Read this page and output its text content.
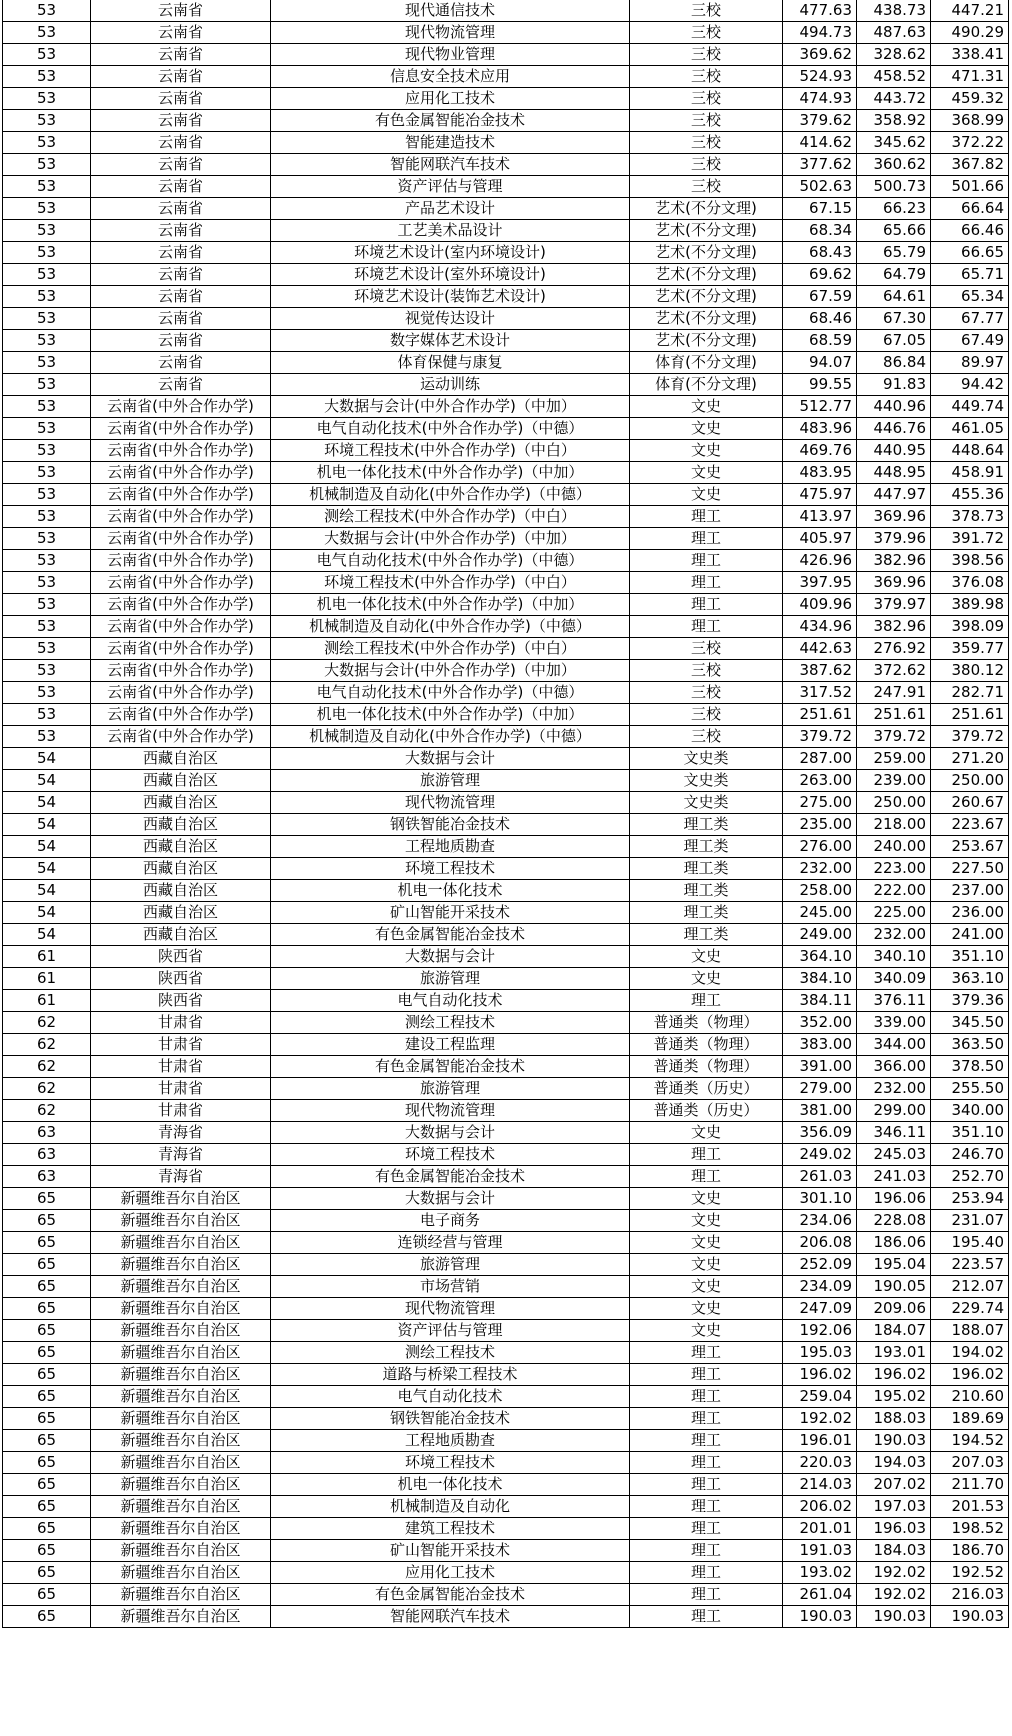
53	云南省	现代通信技术	三校	477.63	438.73	447.21
53	云南省	现代物流管理	三校	494.73	487.63	490.29
53	云南省	现代物业管理	三校	369.62	328.62	338.41
53	云南省	信息安全技术应用	三校	524.93	458.52	471.31
53	云南省	应用化工技术	三校	474.93	443.72	459.32
53	云南省	有色金属智能冶金技术	三校	379.62	358.92	368.99
53	云南省	智能建造技术	三校	414.62	345.62	372.22
53	云南省	智能网联汽车技术	三校	377.62	360.62	367.82
53	云南省	资产评估与管理	三校	502.63	500.73	501.66
53	云南省	产品艺术设计	艺术(不分文理)	67.15	66.23	66.64
53	云南省	工艺美术品设计	艺术(不分文理)	68.34	65.66	66.46
53	云南省	环境艺术设计(室内环境设计)	艺术(不分文理)	68.43	65.79	66.65
53	云南省	环境艺术设计(室外环境设计)	艺术(不分文理)	69.62	64.79	65.71
53	云南省	环境艺术设计(装饰艺术设计)	艺术(不分文理)	67.59	64.61	65.34
53	云南省	视觉传达设计	艺术(不分文理)	68.46	67.30	67.77
53	云南省	数字媒体艺术设计	艺术(不分文理)	68.59	67.05	67.49
53	云南省	体育保健与康复	体育(不分文理)	94.07	86.84	89.97
53	云南省	运动训练	体育(不分文理)	99.55	91.83	94.42
53	云南省(中外合作办学)	大数据与会计(中外合作办学)（中加）	文史	512.77	440.96	449.74
53	云南省(中外合作办学)	电气自动化技术(中外合作办学)（中德）	文史	483.96	446.76	461.05
53	云南省(中外合作办学)	环境工程技术(中外合作办学)（中白）	文史	469.76	440.95	448.64
53	云南省(中外合作办学)	机电一体化技术(中外合作办学)（中加）	文史	483.95	448.95	458.91
53	云南省(中外合作办学)	机械制造及自动化(中外合作办学)（中德）	文史	475.97	447.97	455.36
53	云南省(中外合作办学)	测绘工程技术(中外合作办学)（中白）	理工	413.97	369.96	378.73
53	云南省(中外合作办学)	大数据与会计(中外合作办学)（中加）	理工	405.97	379.96	391.72
53	云南省(中外合作办学)	电气自动化技术(中外合作办学)（中德）	理工	426.96	382.96	398.56
53	云南省(中外合作办学)	环境工程技术(中外合作办学)（中白）	理工	397.95	369.96	376.08
53	云南省(中外合作办学)	机电一体化技术(中外合作办学)（中加）	理工	409.96	379.97	389.98
53	云南省(中外合作办学)	机械制造及自动化(中外合作办学)（中德）	理工	434.96	382.96	398.09
53	云南省(中外合作办学)	测绘工程技术(中外合作办学)（中白）	三校	442.63	276.92	359.77
53	云南省(中外合作办学)	大数据与会计(中外合作办学)（中加）	三校	387.62	372.62	380.12
53	云南省(中外合作办学)	电气自动化技术(中外合作办学)（中德）	三校	317.52	247.91	282.71
53	云南省(中外合作办学)	机电一体化技术(中外合作办学)（中加）	三校	251.61	251.61	251.61
53	云南省(中外合作办学)	机械制造及自动化(中外合作办学)（中德）	三校	379.72	379.72	379.72
54	西藏自治区	大数据与会计	文史类	287.00	259.00	271.20
54	西藏自治区	旅游管理	文史类	263.00	239.00	250.00
54	西藏自治区	现代物流管理	文史类	275.00	250.00	260.67
54	西藏自治区	钢铁智能冶金技术	理工类	235.00	218.00	223.67
54	西藏自治区	工程地质勘查	理工类	276.00	240.00	253.67
54	西藏自治区	环境工程技术	理工类	232.00	223.00	227.50
54	西藏自治区	机电一体化技术	理工类	258.00	222.00	237.00
54	西藏自治区	矿山智能开采技术	理工类	245.00	225.00	236.00
54	西藏自治区	有色金属智能冶金技术	理工类	249.00	232.00	241.00
61	陕西省	大数据与会计	文史	364.10	340.10	351.10
61	陕西省	旅游管理	文史	384.10	340.09	363.10
61	陕西省	电气自动化技术	理工	384.11	376.11	379.36
62	甘肃省	测绘工程技术	普通类（物理）	352.00	339.00	345.50
62	甘肃省	建设工程监理	普通类（物理）	383.00	344.00	363.50
62	甘肃省	有色金属智能冶金技术	普通类（物理）	391.00	366.00	378.50
62	甘肃省	旅游管理	普通类（历史）	279.00	232.00	255.50
62	甘肃省	现代物流管理	普通类（历史）	381.00	299.00	340.00
63	青海省	大数据与会计	文史	356.09	346.11	351.10
63	青海省	环境工程技术	理工	249.02	245.03	246.70
63	青海省	有色金属智能冶金技术	理工	261.03	241.03	252.70
65	新疆维吾尔自治区	大数据与会计	文史	301.10	196.06	253.94
65	新疆维吾尔自治区	电子商务	文史	234.06	228.08	231.07
65	新疆维吾尔自治区	连锁经营与管理	文史	206.08	186.06	195.40
65	新疆维吾尔自治区	旅游管理	文史	252.09	195.04	223.57
65	新疆维吾尔自治区	市场营销	文史	234.09	190.05	212.07
65	新疆维吾尔自治区	现代物流管理	文史	247.09	209.06	229.74
65	新疆维吾尔自治区	资产评估与管理	文史	192.06	184.07	188.07
65	新疆维吾尔自治区	测绘工程技术	理工	195.03	193.01	194.02
65	新疆维吾尔自治区	道路与桥梁工程技术	理工	196.02	196.02	196.02
65	新疆维吾尔自治区	电气自动化技术	理工	259.04	195.02	210.60
65	新疆维吾尔自治区	钢铁智能冶金技术	理工	192.02	188.03	189.69
65	新疆维吾尔自治区	工程地质勘查	理工	196.01	190.03	194.52
65	新疆维吾尔自治区	环境工程技术	理工	220.03	194.03	207.03
65	新疆维吾尔自治区	机电一体化技术	理工	214.03	207.02	211.70
65	新疆维吾尔自治区	机械制造及自动化	理工	206.02	197.03	201.53
65	新疆维吾尔自治区	建筑工程技术	理工	201.01	196.03	198.52
65	新疆维吾尔自治区	矿山智能开采技术	理工	191.03	184.03	186.70
65	新疆维吾尔自治区	应用化工技术	理工	193.02	192.02	192.52
65	新疆维吾尔自治区	有色金属智能冶金技术	理工	261.04	192.02	216.03
65	新疆维吾尔自治区	智能网联汽车技术	理工	190.03	190.03	190.03
